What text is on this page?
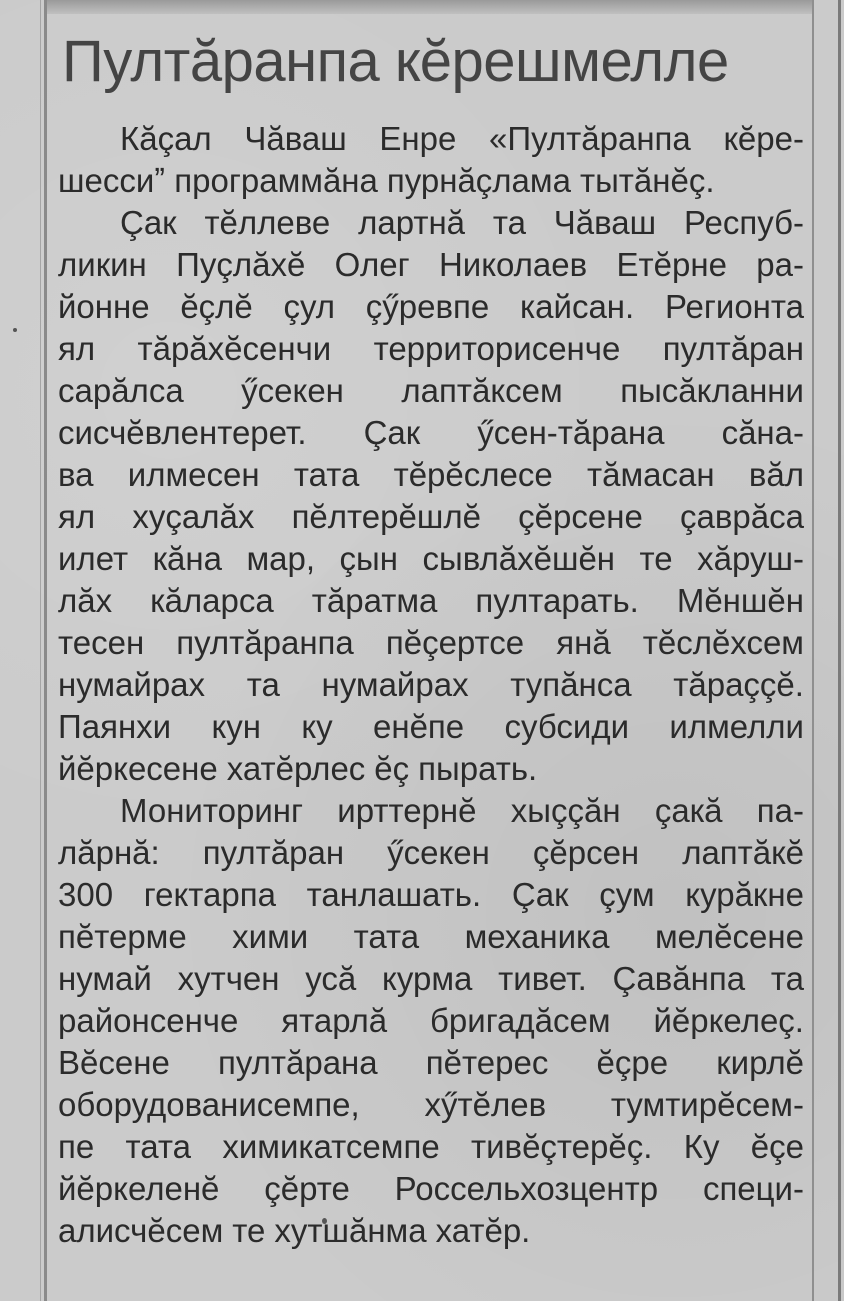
Пултăранпа кĕрешмелле
Кăçал Чăваш Енре «Пултăранпа кĕре-
шессиˮ программăна пурнăçлама тытăнĕç.
Çак тĕллеве лартнă та Чăваш Респуб-
ликин Пуçлăхĕ Олег Николаев Етĕрне ра-
йонне ĕçлĕ çул çӳревпе кайсан. Регионта
ял тăрăхĕсенчи территорисенче пултăран
сарăлса ӳсекен лаптăксем пысăкланни
сисчĕвлентерет. Çак ӳсен-тăрана сăна-
ва илмесен тата тĕрĕслесе тăмасан вăл
ял хуçалăх пĕлтерĕшлĕ çĕрсене çаврăса
илет кăна мар, çын сывлăхĕшĕн те хăруш-
лăх кăларса тăратма пултарать. Мĕншĕн
тесен пултăранпа пĕçертсе янă тĕслĕхсем
нумайрах та нумайрах тупăнса тăраççĕ.
Паянхи кун ку енĕпе субсиди илмелли
йĕркесене хатĕрлес ĕç пырать.
Мониторинг ирттернĕ хыççăн çакă па-
лăрнă: пултăран ӳсекен çĕрсен лаптăкĕ
300 гектарпа танлашать. Çак çум курăкне
пĕтерме хими тата механика мелĕсене
нумай хутчен усă курма тивет. Çавăнпа та
районсенче ятарлă бригадăсем йĕркелеç.
Вĕсене пултăрана пĕтерес ĕçре кирлĕ
оборудованисемпе, хӳтĕлев тумтирĕсем-
пе тата химикатсемпе тивĕçтерĕç. Ку ĕçе
йĕркеленĕ çĕрте Россельхозцентр специ-
алисчĕсем те хутшăнма хатĕр.
